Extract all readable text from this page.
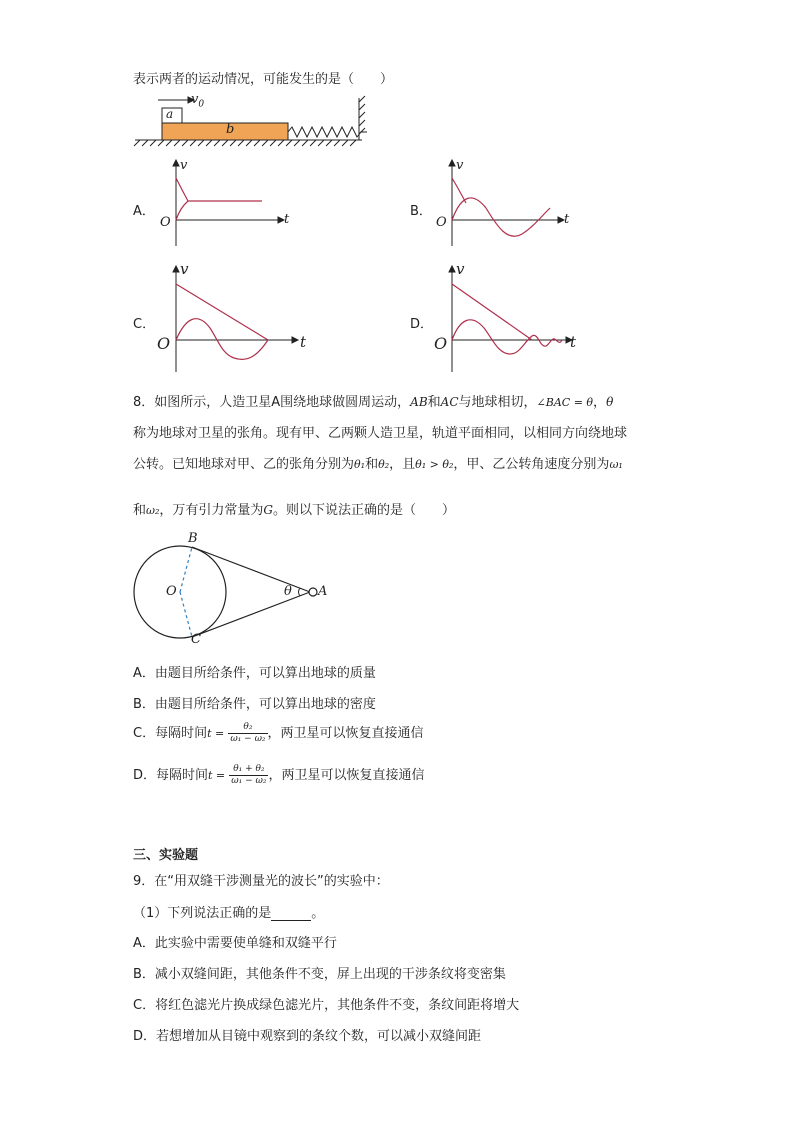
表示两者的运动情况，可能发生的是（　　）
a
b
$v_0$
A．
v
O	t
B．
v
O	t
C．
v
O	t
D．
v
O	t
8．如图所示，人造卫星A围绕地球做圆周运动，AB和AC与地球相切，∠BAC = θ，θ
称为地球对卫星的张角。现有甲、乙两颗人造卫星，轨道平面相同，以相同方向绕地球
公转。已知地球对甲、乙的张角分别为θ₁和θ₂，且θ₁ > θ₂，甲、乙公转角速度分别为ω₁
和ω₂，万有引力常量为G。则以下说法正确的是（　　）
B
O
C
θ A
A．由题目所给条件，可以算出地球的质量
B．由题目所给条件，可以算出地球的密度
C．每隔时间$t = \frac{\text{θ₂}}{\text{ω₁ − ω₂}}$ ，两卫星可以恢复直接通信
D．每隔时间$t = \frac{\text{θ₁ + θ₂}}{\text{ω₁ − ω₂}}$ ，两卫星可以恢复直接通信
三、实验题
9．在“用双缝干涉测量光的波长”的实验中：
（1）下列说法正确的是	。
A．此实验中需要使单缝和双缝平行
B．减小双缝间距，其他条件不变，屏上出现的干涉条纹将变密集
C．将红色滤光片换成绿色滤光片，其他条件不变，条纹间距将增大
D．若想增加从目镜中观察到的条纹个数，可以减小双缝间距
